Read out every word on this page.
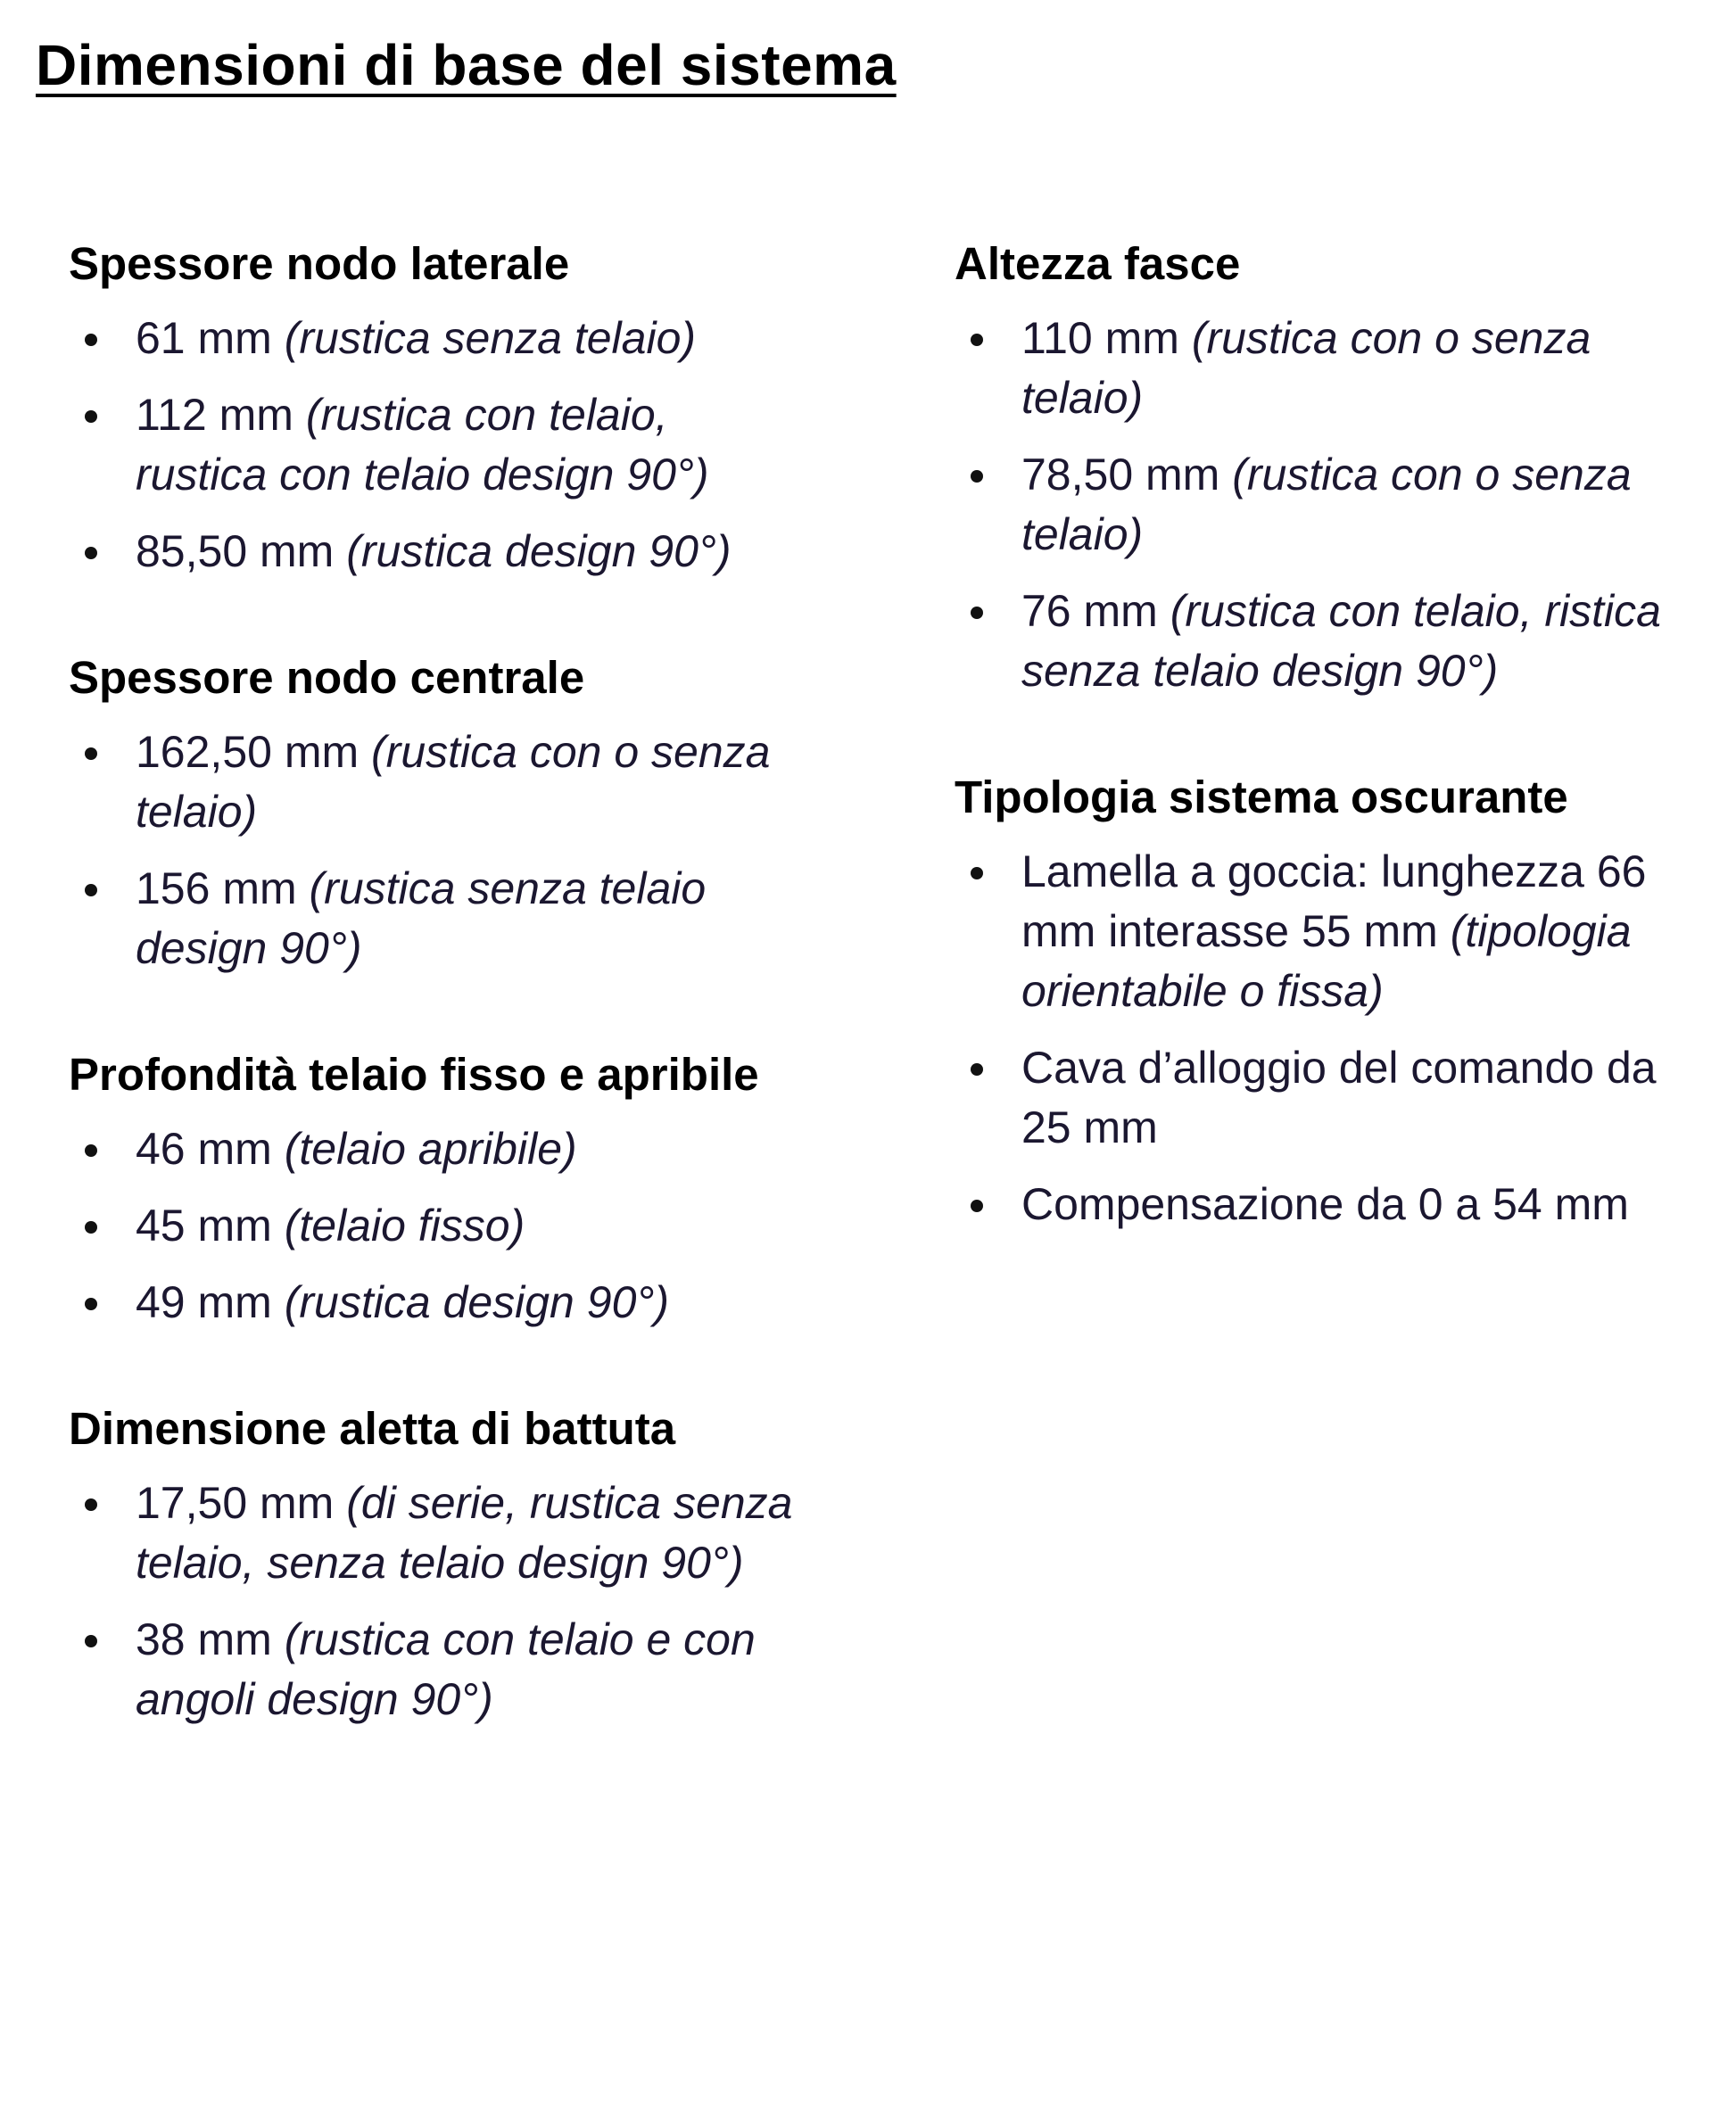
Dimensioni di base del sistema
Spessore nodo laterale
61 mm (rustica senza telaio)
112 mm (rustica con telaio, rustica con telaio design 90°)
85,50 mm (rustica design 90°)
Spessore nodo centrale
162,50 mm (rustica con o senza telaio)
156 mm (rustica senza telaio design 90°)
Profondità telaio fisso e apribile
46 mm (telaio apribile)
45 mm (telaio fisso)
49 mm (rustica design 90°)
Dimensione aletta di battuta
17,50 mm (di serie, rustica senza telaio, senza telaio design 90°)
38 mm (rustica con telaio e con angoli design 90°)
Altezza fasce
110 mm (rustica con o senza telaio)
78,50 mm (rustica con o senza telaio)
76 mm (rustica con telaio, ristica senza telaio design 90°)
Tipologia sistema oscurante
Lamella a goccia: lunghezza 66 mm interasse 55 mm (tipologia orientabile o fissa)
Cava d’alloggio del comando da 25 mm
Compensazione da 0 a 54 mm
